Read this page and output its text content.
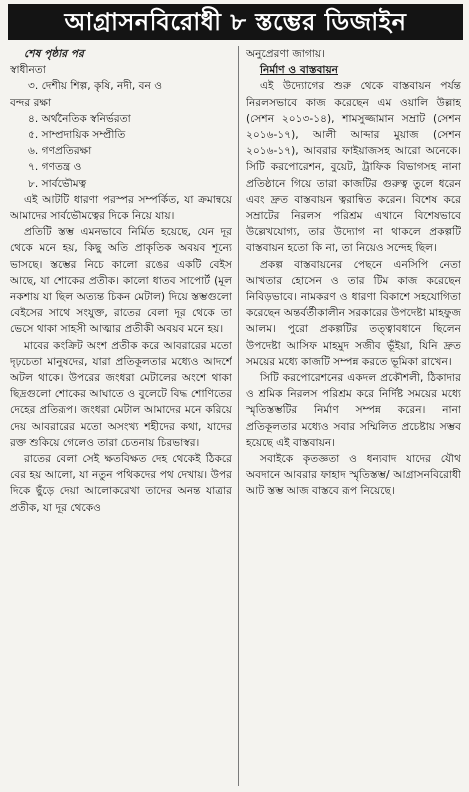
আগ্রাসনবিরোধী ৮ স্তম্ভের ডিজাইন

শেষ পৃষ্ঠার পর

স্বাধীনতা

৩. দেশীয় শিল্প, কৃষি, নদী, বন ও
বন্দর রক্ষা
৪. অর্থনৈতিক স্বনির্ভরতা
৫. সাম্প্রদায়িক সম্প্রীতি
৬. গণপ্রতিরক্ষা
৭. গণতন্ত্র ও
৮. সার্বভৌমত্ব

এই আটটি ধারণা পরস্পর সম্পর্কিত, যা ক্রমান্বয়ে আমাদের সার্বভৌমত্বের দিকে নিয়ে যায়।

প্রতিটি স্তম্ভ এমনভাবে নির্মিত হয়েছে, যেন দূর থেকে মনে হয়, কিছু অতি প্রাকৃতিক অবয়ব শূন্যে ভাসছে। স্তম্ভের নিচে কালো রঙের একটি বেইস আছে, যা শোকের প্রতীক। কালো ধাতব সাপোর্ট (মূল নকশায় যা ছিল অত্যন্ত চিকন মেটাল) দিয়ে স্তম্ভগুলো বেইসের সাথে সংযুক্ত, রাতের বেলা দূর থেকে তা ভেসে থাকা সাহসী আত্মার প্রতীকী অবয়ব মনে হয়।

মাবের কংক্রিট অংশ প্রতীক করে আবরারের মতো দৃঢ়চেতা মানুষদের, যারা প্রতিকূলতার মধ্যেও আদর্শে অটল থাকে। উপরের জংধরা মেটালের অংশে থাকা ছিদ্রগুলো শোকের আঘাতে ও বুলেটে বিদ্ধ শোণিতের দেহের প্রতিরূপ। জংধরা মেটাল আমাদের মনে করিয়ে দেয় আবরারের মতো অসংখ্য শহীদের কথা, যাদের রক্ত শুকিয়ে গেলেও তারা চেতনায় চিরভাস্বর।

রাতের বেলা সেই ক্ষতবিক্ষত দেহ থেকেই ঠিকরে বের হয় আলো, যা নতুন পথিকদের পথ দেখায়। উপর দিকে ছুঁড়ে দেয়া আলোকরেখা তাদের অনন্ত যাত্রার প্রতীক, যা দূর থেকেও

অনুপ্রেরণা জাগায়।

নির্মাণ ও বাস্তবায়ন

এই উদ্যোগের শুরু থেকে বাস্তবায়ন পর্যন্ত নিরলসভাবে কাজ করেছেন এম ওয়ালি উল্লাহ (সেশন ২০১৩-১৪), শামসুজ্জামান সম্রাট (সেশন ২০১৬-১৭), আলী আব্দার মুয়াজ (সেশন ২০১৬-১৭), আবরার ফাইয়াজসহ আরো অনেকে। সিটি করপোরেশন, বুয়েট, ট্রাফিক বিভাগসহ নানা প্রতিষ্ঠানে গিয়ে তারা কাজটির গুরুত্ব তুলে ধরেন এবং দ্রুত বাস্তবায়ন ত্বরান্বিত করেন। বিশেষ করে সম্রাটের নিরলস পরিশ্রম এখানে বিশেষভাবে উল্লেখযোগ্য, তার উদ্যোগ না থাকলে প্রকল্পটি বাস্তবায়ন হতো কি না, তা নিয়েও সন্দেহ ছিল।

প্রকল্প বাস্তবায়নের পেছনে এনসিপি নেতা আখতার হোসেন ও তার টিম কাজ করেছেন নিবিড়ভাবে। নামকরণ ও ধারণা বিকাশে সহযোগিতা করেছেন অন্তর্বর্তীকালীন সরকারের উপদেষ্টা মাহফুজ আলম। পুরো প্রকল্পটির তত্ত্বাবধানে ছিলেন উপদেষ্টা আসিফ মাহমুদ সজীব ভূঁইয়া, যিনি দ্রুত সময়ের মধ্যে কাজটি সম্পন্ন করতে ভূমিকা রাখেন।

সিটি করপোরেশনের একদল প্রকৌশলী, ঠিকাদার ও শ্রমিক নিরলস পরিশ্রম করে নির্দিষ্ট সময়ের মধ্যে স্মৃতিস্তম্ভটির নির্মাণ সম্পন্ন করেন। নানা প্রতিকূলতার মধ্যেও সবার সম্মিলিত প্রচেষ্টায় সম্ভব হয়েছে এই বাস্তবায়ন।

সবাইকে কৃতজ্ঞতা ও ধন্যবাদ যাদের যৌথ অবদানে আবরার ফাহাদ স্মৃতিস্তম্ভ/ আগ্রাসনবিরোধী আট স্তম্ভ আজ বাস্তবে রূপ নিয়েছে।
